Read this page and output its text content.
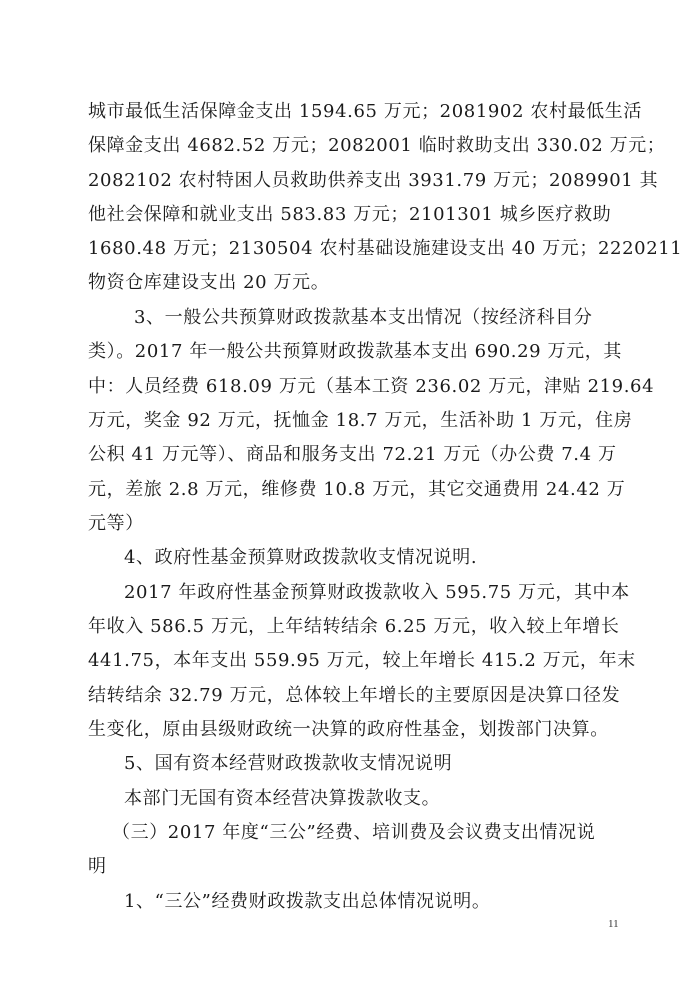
城市最低生活保障金支出 1594.65 万元；2081902 农村最低生活
保障金支出 4682.52 万元；2082001 临时救助支出 330.02 万元；
2082102 农村特困人员救助供养支出 3931.79 万元；2089901 其
他社会保障和就业支出 583.83 万元；2101301 城乡医疗救助
1680.48 万元；2130504 农村基础设施建设支出 40 万元；2220211
物资仓库建设支出 20 万元。
3、一般公共预算财政拨款基本支出情况（按经济科目分
类）。2017 年一般公共预算财政拨款基本支出 690.29 万元，其
中：人员经费 618.09 万元（基本工资 236.02 万元，津贴 219.64
万元，奖金 92 万元，抚恤金 18.7 万元，生活补助 1 万元，住房
公积 41 万元等）、商品和服务支出 72.21 万元（办公费 7.4 万
元，差旅 2.8 万元，维修费 10.8 万元，其它交通费用 24.42 万
元等）
4、政府性基金预算财政拨款收支情况说明.
2017 年政府性基金预算财政拨款收入 595.75 万元，其中本
年收入 586.5 万元，上年结转结余 6.25 万元，收入较上年增长
441.75，本年支出 559.95 万元，较上年增长 415.2 万元，年末
结转结余 32.79 万元，总体较上年增长的主要原因是决算口径发
生变化，原由县级财政统一决算的政府性基金，划拨部门决算。
5、国有资本经营财政拨款收支情况说明
本部门无国有资本经营决算拨款收支。
（三）2017 年度“三公”经费、培训费及会议费支出情况说
明
1、“三公”经费财政拨款支出总体情况说明。
11
